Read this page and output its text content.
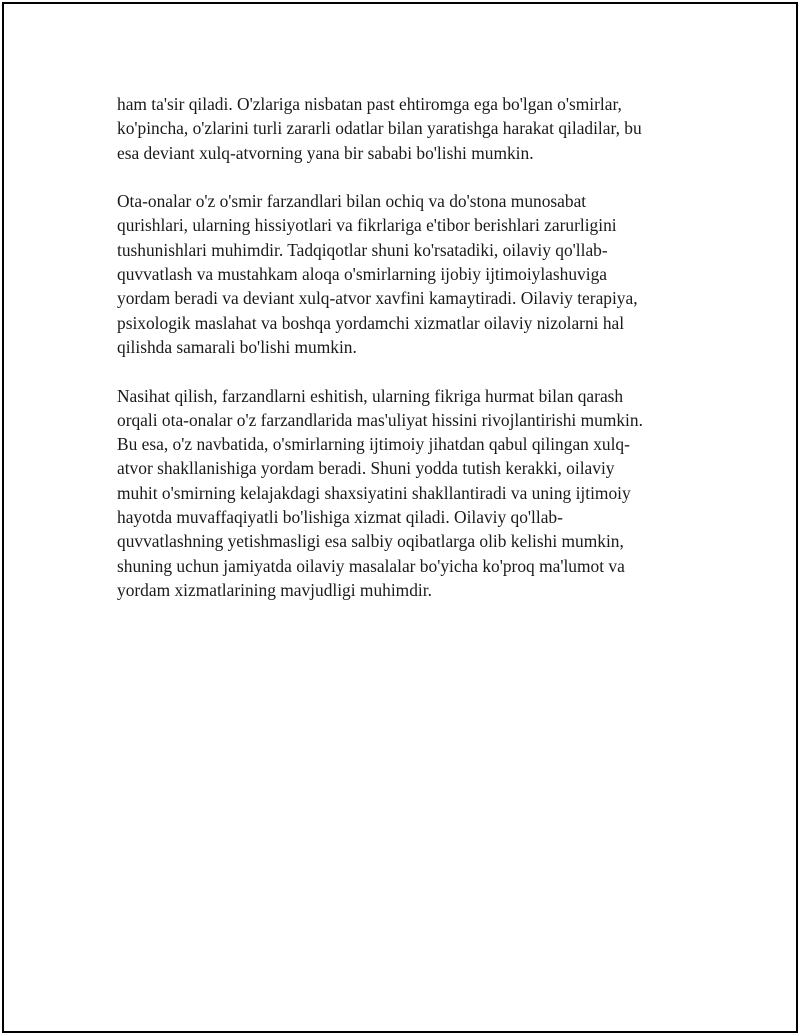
ham ta'sir qiladi. O'zlariga nisbatan past ehtiromga ega bo'lgan o'smirlar,
ko'pincha, o'zlarini turli zararli odatlar bilan yaratishga harakat qiladilar, bu
esa deviant xulq-atvorning yana bir sababi bo'lishi mumkin.

Ota-onalar o'z o'smir farzandlari bilan ochiq va do'stona munosabat
qurishlari, ularning hissiyotlari va fikrlariga e'tibor berishlari zarurligini
tushunishlari muhimdir. Tadqiqotlar shuni ko'rsatadiki, oilaviy qo'llab-
quvvatlash va mustahkam aloqa o'smirlarning ijobiy ijtimoiylashuviga
yordam beradi va deviant xulq-atvor xavfini kamaytiradi. Oilaviy terapiya,
psixologik maslahat va boshqa yordamchi xizmatlar oilaviy nizolarni hal
qilishda samarali bo'lishi mumkin.

Nasihat qilish, farzandlarni eshitish, ularning fikriga hurmat bilan qarash
orqali ota-onalar o'z farzandlarida mas'uliyat hissini rivojlantirishi mumkin.
Bu esa, o'z navbatida, o'smirlarning ijtimoiy jihatdan qabul qilingan xulq-
atvor shakllanishiga yordam beradi. Shuni yodda tutish kerakki, oilaviy
muhit o'smirning kelajakdagi shaxsiyatini shakllantiradi va uning ijtimoiy
hayotda muvaffaqiyatli bo'lishiga xizmat qiladi. Oilaviy qo'llab-
quvvatlashning yetishmasligi esa salbiy oqibatlarga olib kelishi mumkin,
shuning uchun jamiyatda oilaviy masalalar bo'yicha ko'proq ma'lumot va
yordam xizmatlarining mavjudligi muhimdir.
